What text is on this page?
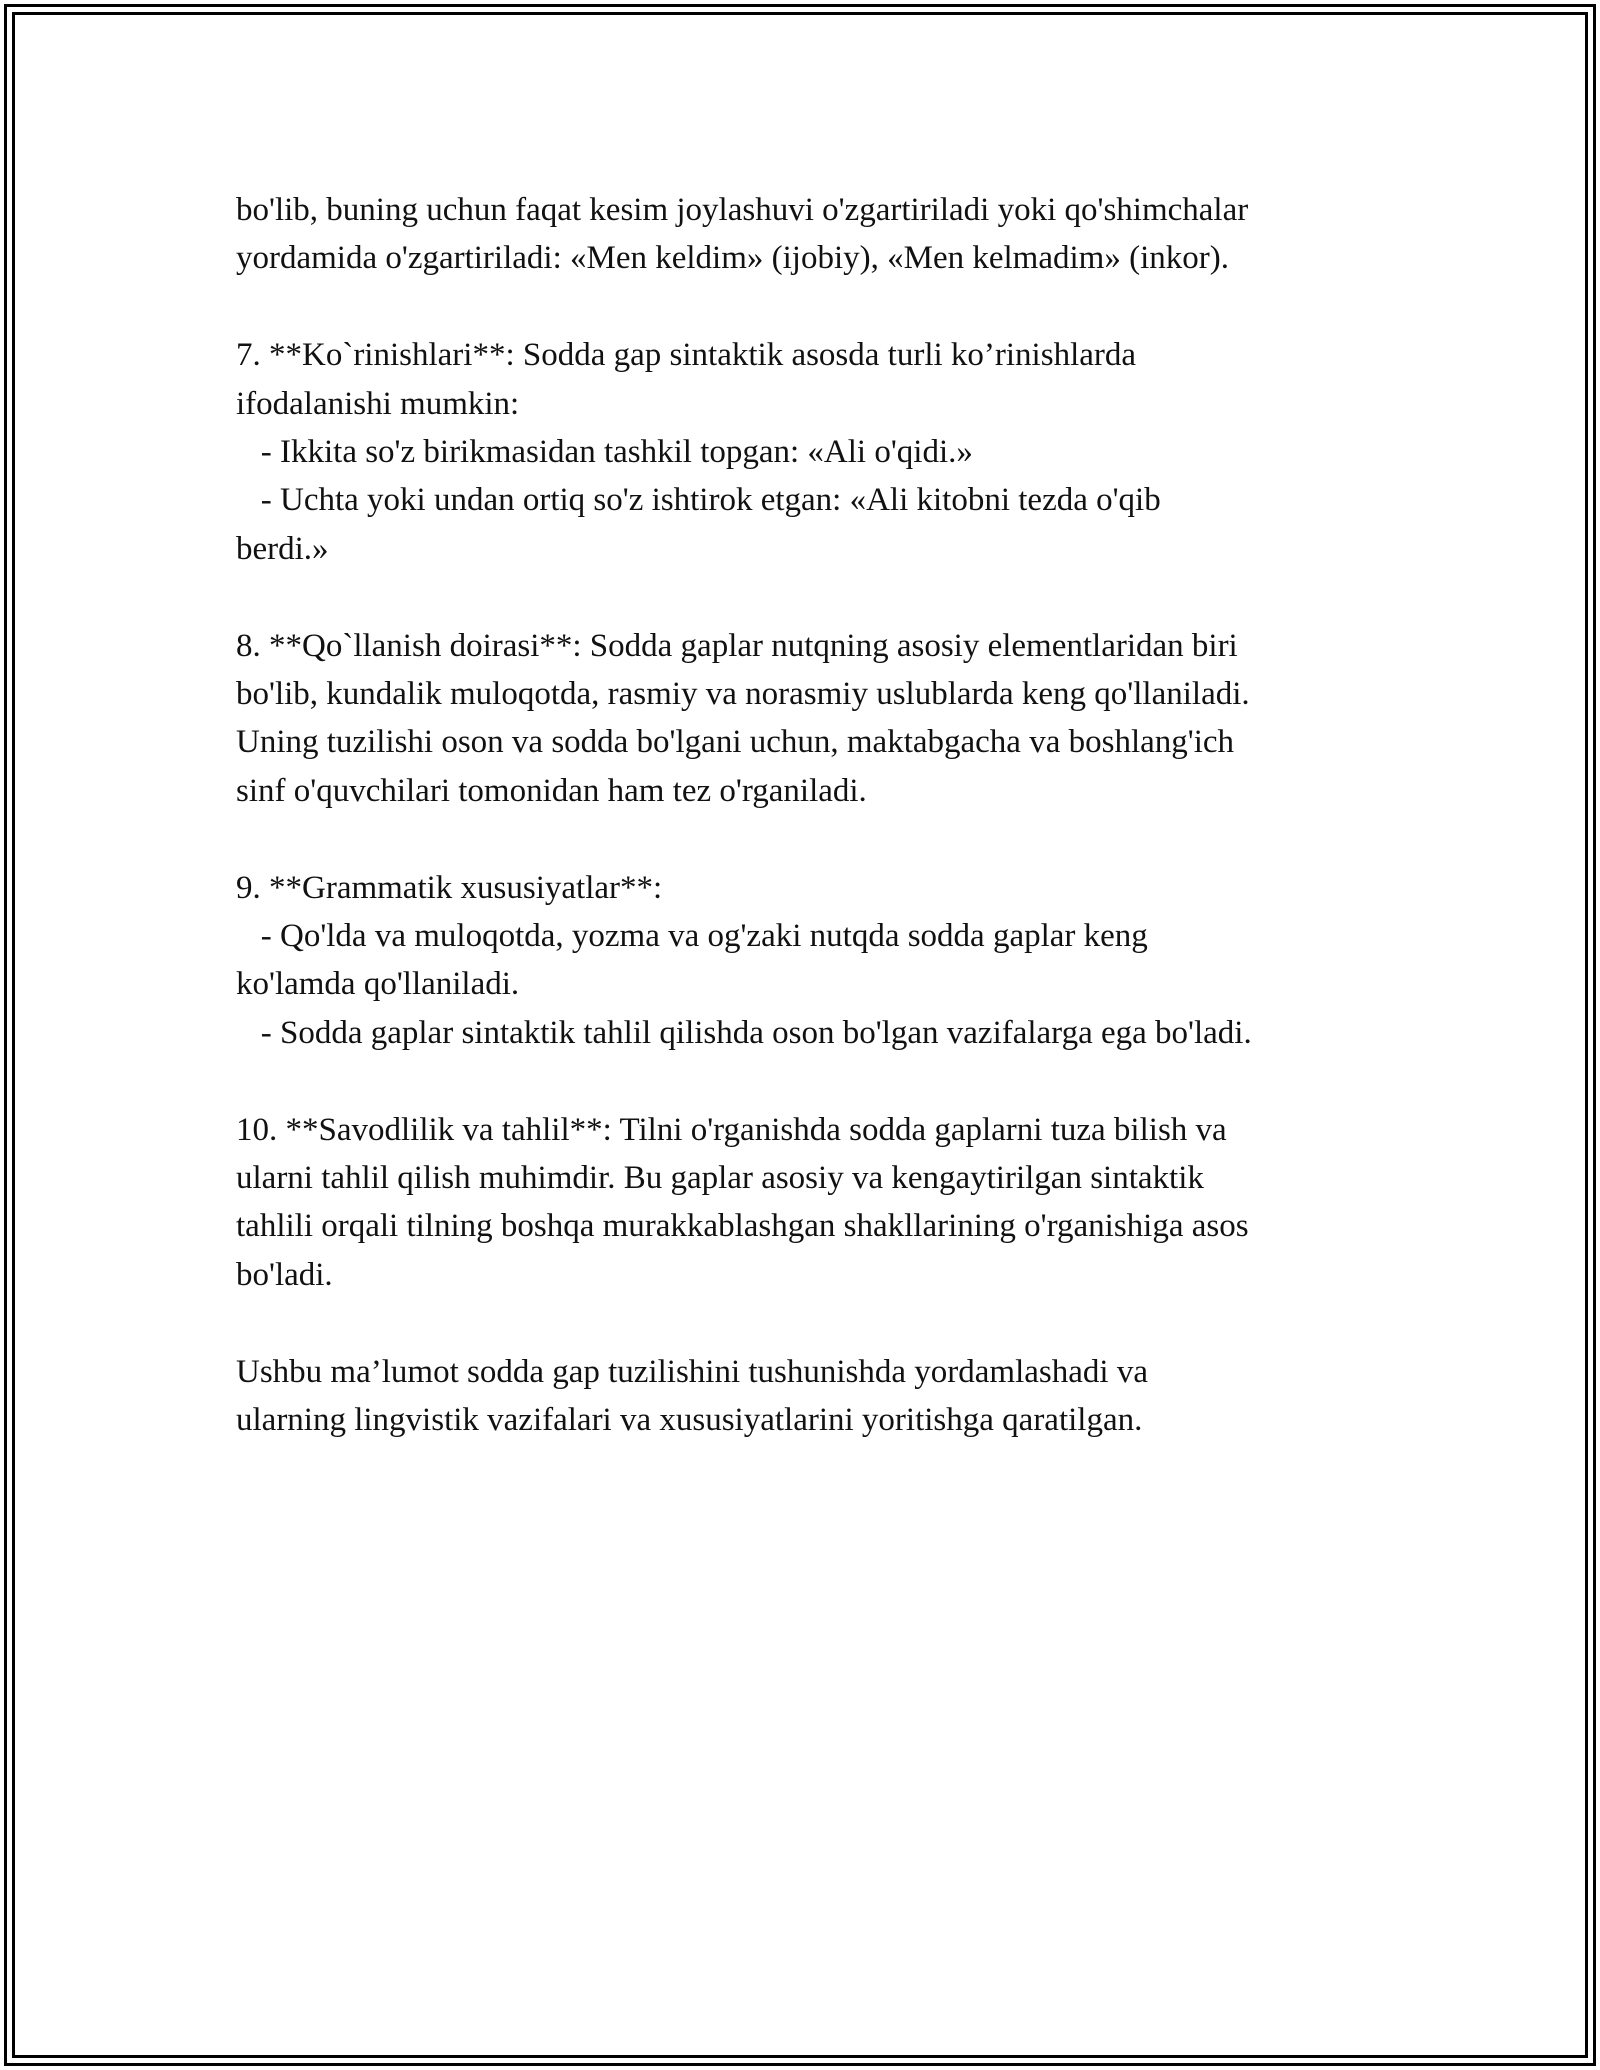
bo'lib, buning uchun faqat kesim joylashuvi o'zgartiriladi yoki qo'shimchalar
yordamida o'zgartiriladi: «Men keldim» (ijobiy), «Men kelmadim» (inkor).

7. **Ko`rinishlari**: Sodda gap sintaktik asosda turli ko’rinishlarda
ifodalanishi mumkin:
- Ikkita so'z birikmasidan tashkil topgan: «Ali o'qidi.»
- Uchta yoki undan ortiq so'z ishtirok etgan: «Ali kitobni tezda o'qib
berdi.»

8. **Qo`llanish doirasi**: Sodda gaplar nutqning asosiy elementlaridan biri
bo'lib, kundalik muloqotda, rasmiy va norasmiy uslublarda keng qo'llaniladi.
Uning tuzilishi oson va sodda bo'lgani uchun, maktabgacha va boshlang'ich
sinf o'quvchilari tomonidan ham tez o'rganiladi.

9. **Grammatik xususiyatlar**:
- Qo'lda va muloqotda, yozma va og'zaki nutqda sodda gaplar keng
ko'lamda qo'llaniladi.
- Sodda gaplar sintaktik tahlil qilishda oson bo'lgan vazifalarga ega bo'ladi.

10. **Savodlilik va tahlil**: Tilni o'rganishda sodda gaplarni tuza bilish va
ularni tahlil qilish muhimdir. Bu gaplar asosiy va kengaytirilgan sintaktik
tahlili orqali tilning boshqa murakkablashgan shakllarining o'rganishiga asos
bo'ladi.

Ushbu ma’lumot sodda gap tuzilishini tushunishda yordamlashadi va
ularning lingvistik vazifalari va xususiyatlarini yoritishga qaratilgan.
